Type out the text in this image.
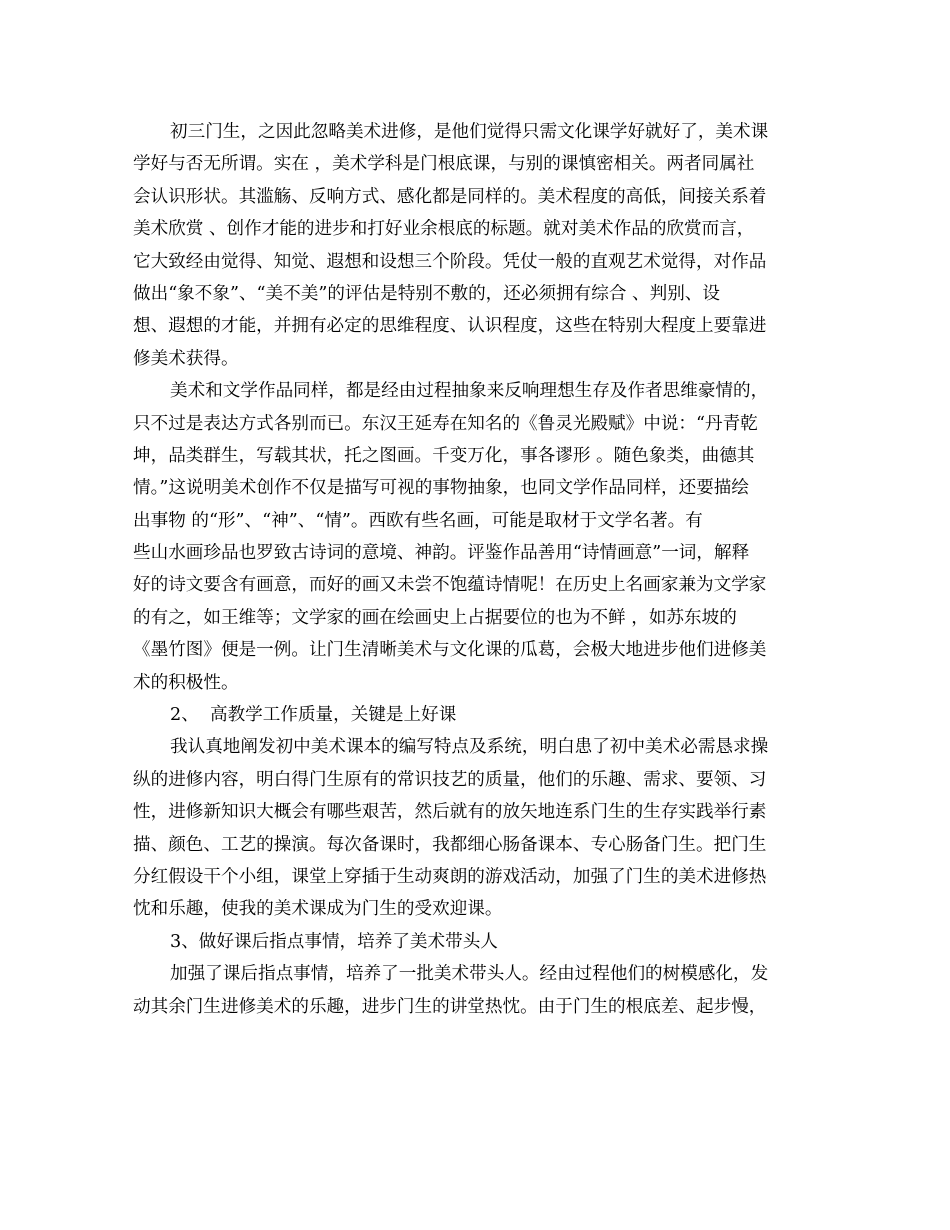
初三门生，之因此忽略美术进修，是他们觉得只需文化课学好就好了，美术课
学好与否无所谓。实在 ，美术学科是门根底课，与别的课慎密相关。两者同属社
会认识形状。其滥觞、反响方式、感化都是同样的。美术程度的高低，间接关系着
美术欣赏 、创作才能的进步和打好业余根底的标题。就对美术作品的欣赏而言，
它大致经由觉得、知觉、遐想和设想三个阶段。凭仗一般的直观艺术觉得，对作品
做出“象不象”、“美不美”的评估是特别不敷的，还必须拥有综合 、判别、设
想、遐想的才能，并拥有必定的思维程度、认识程度，这些在特别大程度上要靠进
修美术获得。
美术和文学作品同样，都是经由过程抽象来反响理想生存及作者思维豪情的，
只不过是表达方式各别而已。东汉王延寿在知名的《鲁灵光殿赋》中说：“丹青乾
坤，品类群生，写载其状，托之图画。千变万化，事各谬形 。随色象类，曲德其
情。”这说明美术创作不仅是描写可视的事物抽象，也同文学作品同样，还要描绘
出事物 的“形”、“神”、“情”。西欧有些名画，可能是取材于文学名著。有
些山水画珍品也罗致古诗词的意境、神韵。评鉴作品善用“诗情画意”一词，解释
好的诗文要含有画意，而好的画又未尝不饱蕴诗情呢！在历史上名画家兼为文学家
的有之，如王维等；文学家的画在绘画史上占据要位的也为不鲜 ，如苏东坡的
《墨竹图》便是一例。让门生清晰美术与文化课的瓜葛，会极大地进步他们进修美
术的积极性。
2、  高教学工作质量，关键是上好课
我认真地阐发初中美术课本的编写特点及系统，明白患了初中美术必需恳求操
纵的进修内容，明白得门生原有的常识技艺的质量，他们的乐趣、需求、要领、习
性，进修新知识大概会有哪些艰苦，然后就有的放矢地连系门生的生存实践举行素
描、颜色、工艺的操演。每次备课时，我都细心肠备课本、专心肠备门生。把门生
分红假设干个小组，课堂上穿插于生动爽朗的游戏活动，加强了门生的美术进修热
忱和乐趣，使我的美术课成为门生的受欢迎课。
3、做好课后指点事情，培养了美术带头人
加强了课后指点事情，培养了一批美术带头人。经由过程他们的树模感化，发
动其余门生进修美术的乐趣，进步门生的讲堂热忱。由于门生的根底差、起步慢，
